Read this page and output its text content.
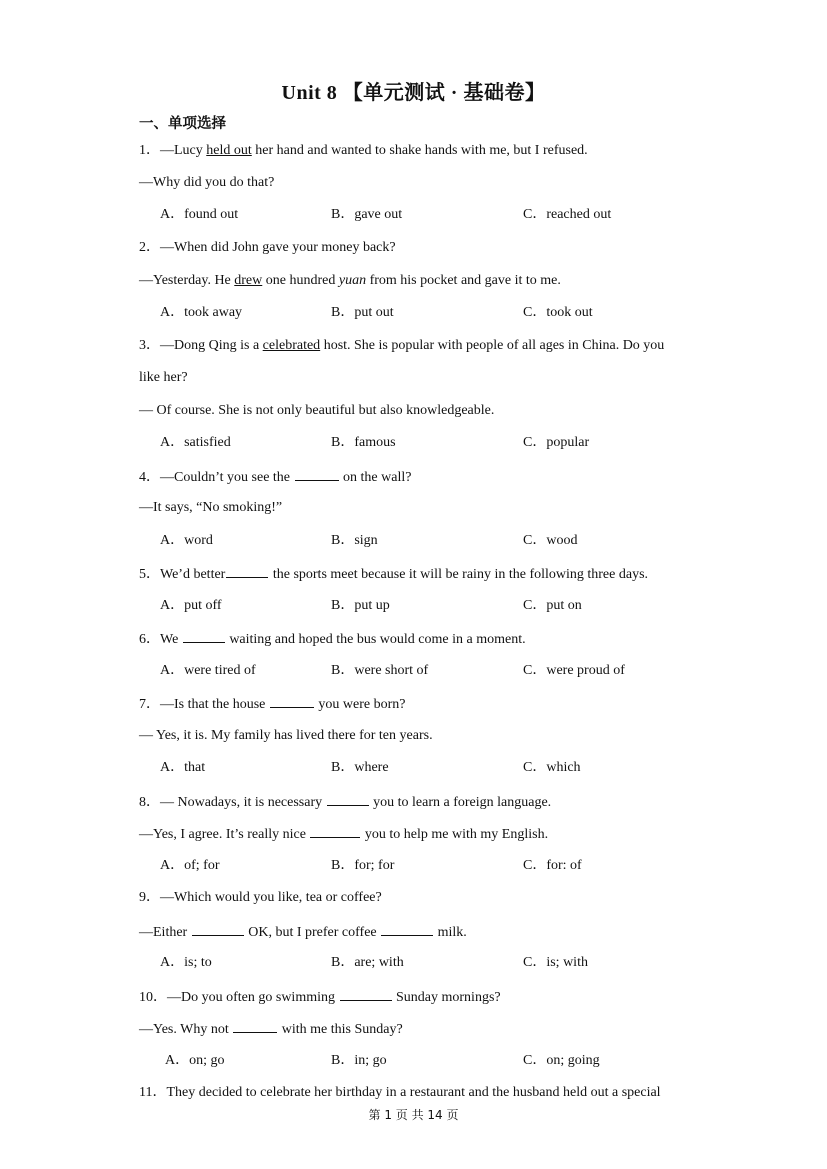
Unit 8 【单元测试 · 基础卷】
一、单项选择
1．—Lucy held out her hand and wanted to shake hands with me, but I refused.
—Why did you do that?
A．found out	B．gave out	C．reached out
2．—When did John gave your money back?
—Yesterday. He drew one hundred yuan from his pocket and gave it to me.
A．took away	B．put out	C．took out
3．—Dong Qing is a celebrated host. She is popular with people of all ages in China. Do you
like her?
— Of course. She is not only beautiful but also knowledgeable.
A．satisfied	B．famous	C．popular
4．—Couldn’t you see the	on the wall?
—It says, “No smoking!”
A．word	B．sign	C．wood
5．We’d better	the sports meet because it will be rainy in the following three days.
A．put off	B．put up	C．put on
6．We	waiting and hoped the bus would come in a moment.
A．were tired of	B．were short of	C．were proud of
7．—Is that the house	you were born?
— Yes, it is. My family has lived there for ten years.
A．that	B．where	C．which
8．— Nowadays, it is necessary	you to learn a foreign language.
—Yes, I agree. It’s really nice	you to help me with my English.
A．of; for	B．for; for	C．for: of
9．—Which would you like, tea or coffee?
—Either	OK, but I prefer coffee	milk.
A．is; to	B．are; with	C．is; with
10．—Do you often go swimming	Sunday mornings?
—Yes. Why not	with me this Sunday?
A．on; go	B．in; go	C．on; going
11．They decided to celebrate her birthday in a restaurant and the husband held out a special
第 1 页 共 14 页
